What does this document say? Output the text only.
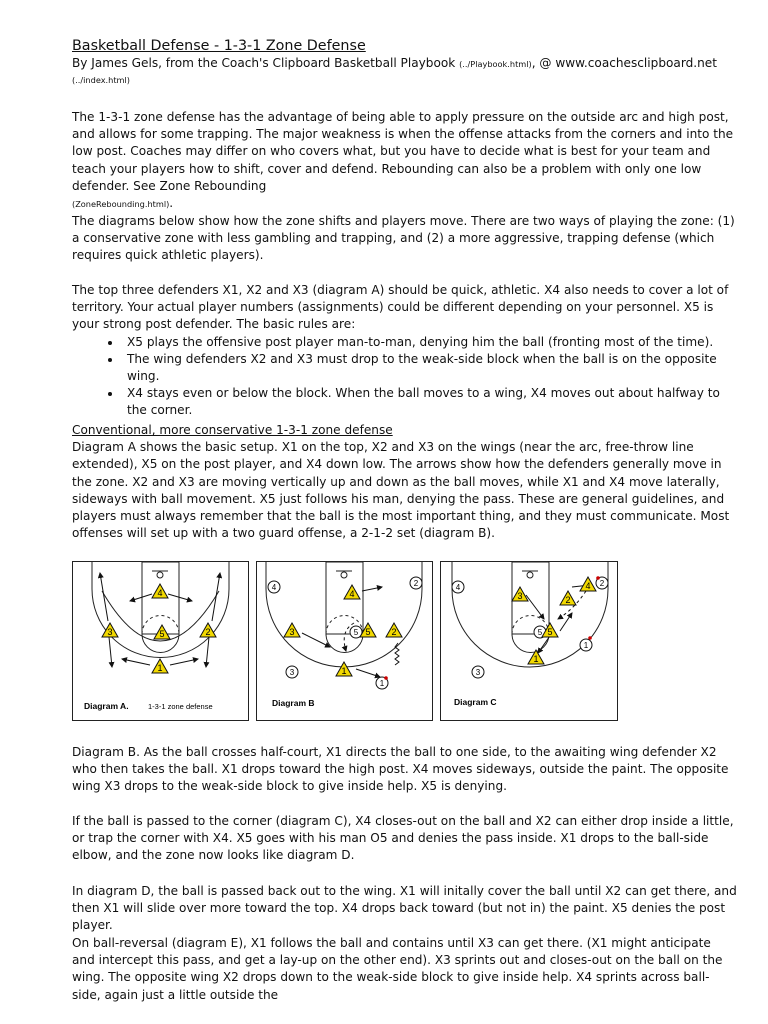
Basketball Defense - 1-3-1 Zone Defense

By James Gels, from the Coach's Clipboard Basketball Playbook (../Playbook.html), @ www.coachesclipboard.net

(../index.html)

The 1-3-1 zone defense has the advantage of being able to apply pressure on the outside arc and high post, and allows for some trapping. The major weakness is when the offense attacks from the corners and into the low post. Coaches may differ on who covers what, but you have to decide what is best for your team and teach your players how to shift, cover and defend. Rebounding can also be a problem with only one low defender. See Zone Rebounding
(ZoneRebounding.html).

The diagrams below show how the zone shifts and players move. There are two ways of playing the zone: (1) a conservative zone with less gambling and trapping, and (2) a more aggressive, trapping defense (which requires quick athletic players).

The top three defenders X1, X2 and X3 (diagram A) should be quick, athletic. X4 also needs to cover a lot of territory. Your actual player numbers (assignments) could be different depending on your personnel. X5 is your strong post defender. The basic rules are:

• X5 plays the offensive post player man-to-man, denying him the ball (fronting most of the time).
• The wing defenders X2 and X3 must drop to the weak-side block when the ball is on the opposite wing.
• X4 stays even or below the block. When the ball moves to a wing, X4 moves out about halfway to the corner.

Conventional, more conservative 1-3-1 zone defense

Diagram A shows the basic setup. X1 on the top, X2 and X3 on the wings (near the arc, free-throw line extended), X5 on the post player, and X4 down low. The arrows show how the defenders generally move in the zone. X2 and X3 are moving vertically up and down as the ball moves, while X1 and X4 move laterally, sideways with ball movement. X5 just follows his man, denying the pass. These are general guidelines, and players must always remember that the ball is the most important thing, and they must communicate. Most offenses will set up with a two guard offense, a 2-1-2 set (diagram B).

4
3	5	2
1
Diagram A.	1-3-1 zone defense
4	2
4
5 5
3	2
3	1
1
Diagram B
4	4 2
3	2
5 5
1
1
3
Diagram C

Diagram B. As the ball crosses half-court, X1 directs the ball to one side, to the awaiting wing defender X2 who then takes the ball. X1 drops toward the high post. X4 moves sideways, outside the paint. The opposite wing X3 drops to the weak-side block to give inside help. X5 is denying.

If the ball is passed to the corner (diagram C), X4 closes-out on the ball and X2 can either drop inside a little, or trap the corner with X4. X5 goes with his man O5 and denies the pass inside. X1 drops to the ball-side elbow, and the zone now looks like diagram D.

In diagram D, the ball is passed back out to the wing. X1 will initally cover the ball until X2 can get there, and then X1 will slide over more toward the top. X4 drops back toward (but not in) the paint. X5 denies the post player.

On ball-reversal (diagram E), X1 follows the ball and contains until X3 can get there. (X1 might anticipate and intercept this pass, and get a lay-up on the other end). X3 sprints out and closes-out on the ball on the wing. The opposite wing X2 drops down to the weak-side block to give inside help. X4 sprints across ball-side, again just a little outside the
